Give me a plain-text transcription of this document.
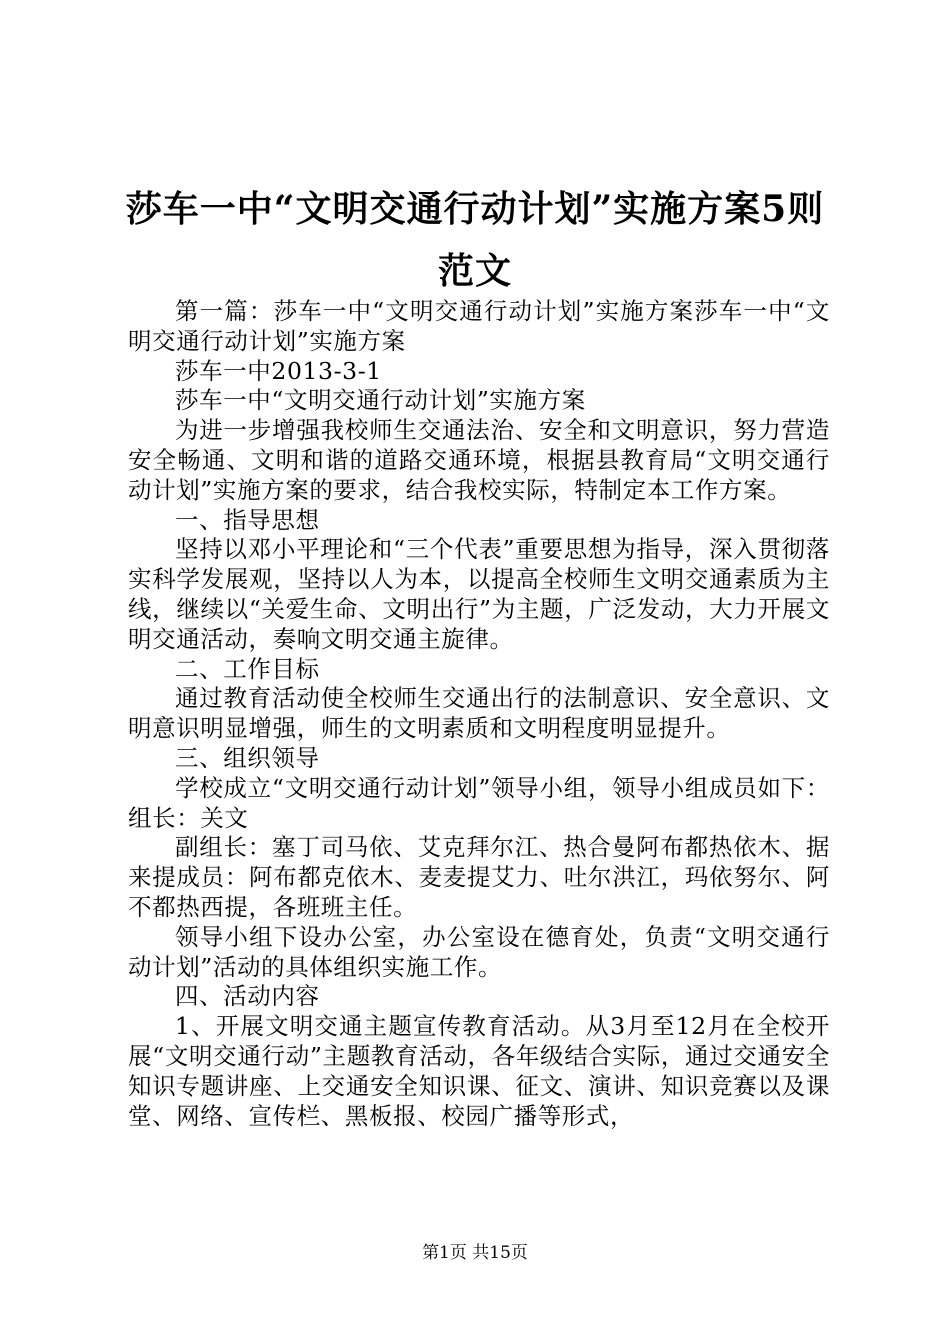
莎车一中“文明交通行动计划”实施方案5则范文

第一篇：莎车一中“文明交通行动计划”实施方案莎车一中“文明交通行动计划”实施方案

莎车一中2013-3-1

莎车一中“文明交通行动计划”实施方案

为进一步增强我校师生交通法治、安全和文明意识，努力营造安全畅通、文明和谐的道路交通环境，根据县教育局“文明交通行动计划”实施方案的要求，结合我校实际，特制定本工作方案。

一、指导思想

坚持以邓小平理论和“三个代表”重要思想为指导，深入贯彻落实科学发展观，坚持以人为本，以提高全校师生文明交通素质为主线，继续以“关爱生命、文明出行”为主题，广泛发动，大力开展文明交通活动，奏响文明交通主旋律。

二、工作目标

通过教育活动使全校师生交通出行的法制意识、安全意识、文明意识明显增强，师生的文明素质和文明程度明显提升。

三、组织领导

学校成立“文明交通行动计划”领导小组，领导小组成员如下：组长：关文

副组长：塞丁司马依、艾克拜尔江、热合曼阿布都热依木、据来提成员：阿布都克依木、麦麦提艾力、吐尔洪江，玛依努尔、阿不都热西提，各班班主任。

领导小组下设办公室，办公室设在德育处，负责“文明交通行动计划”活动的具体组织实施工作。

四、活动内容

1、开展文明交通主题宣传教育活动。从3月至12月在全校开展“文明交通行动”主题教育活动，各年级结合实际，通过交通安全知识专题讲座、上交通安全知识课、征文、演讲、知识竞赛以及课堂、网络、宣传栏、黑板报、校园广播等形式，

第1页 共15页
